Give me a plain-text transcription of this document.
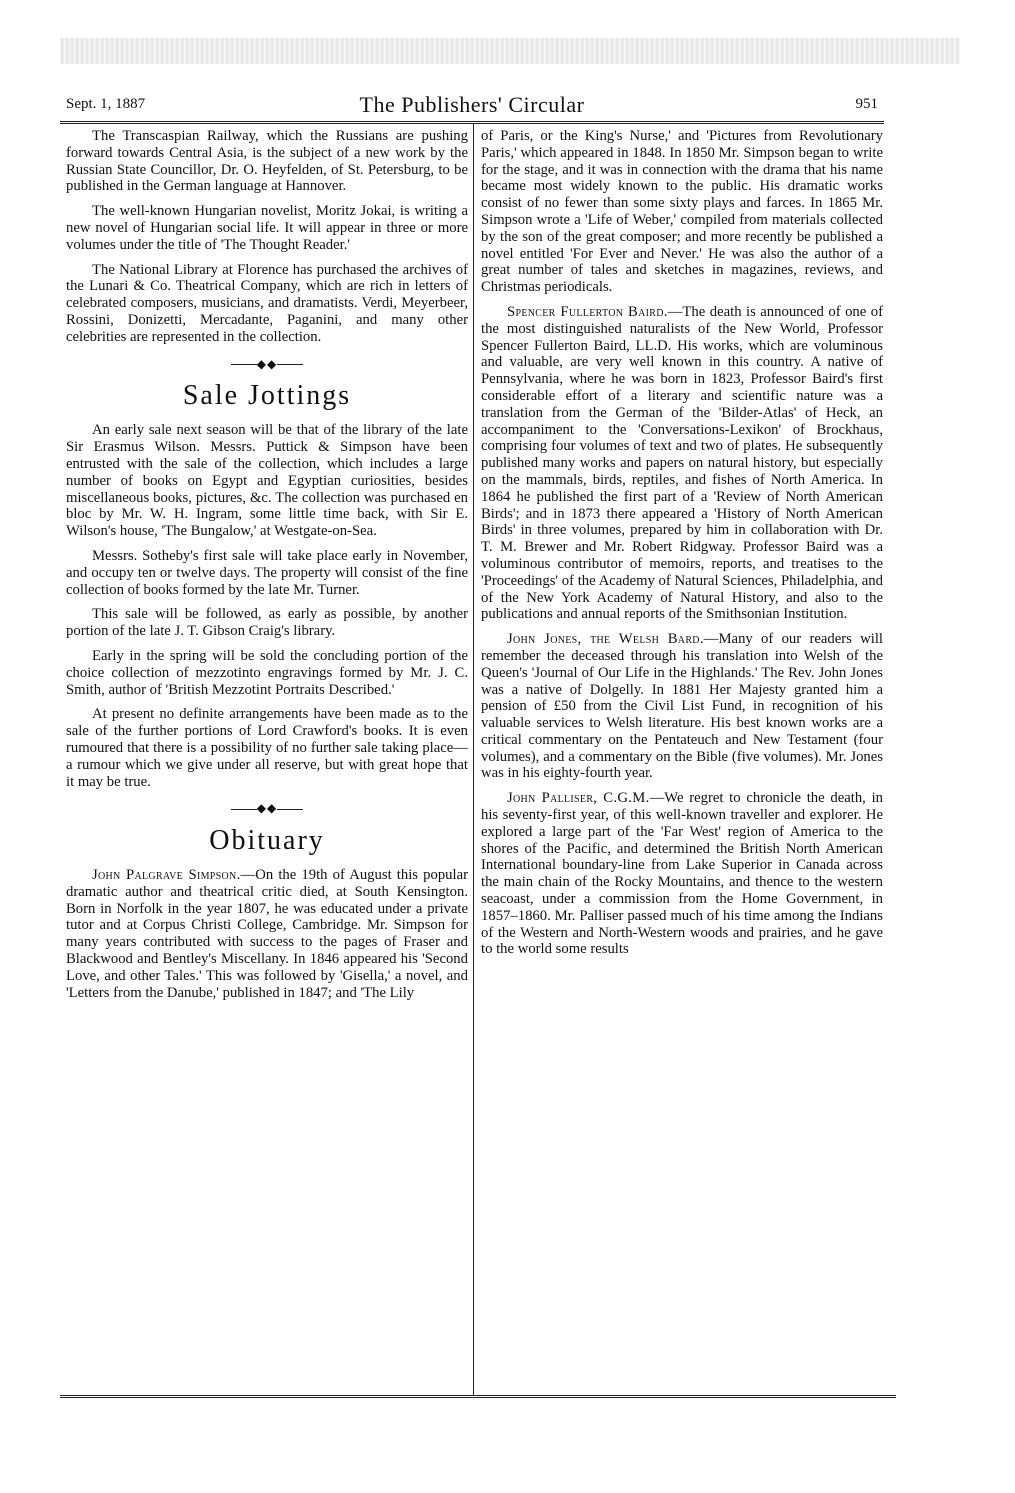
Sept. 1, 1887	The Publishers' Circular	951

The Transcaspian Railway, which the Russians are pushing forward towards Central Asia, is the subject of a new work by the Russian State Councillor, Dr. O. Heyfelden, of St. Petersburg, to be published in the German language at Hannover.

The well-known Hungarian novelist, Moritz Jokai, is writing a new novel of Hungarian social life. It will appear in three or more volumes under the title of 'The Thought Reader.'

The National Library at Florence has purchased the archives of the Lunari & Co. Theatrical Company, which are rich in letters of celebrated composers, musicians, and dramatists. Verdi, Meyerbeer, Rossini, Donizetti, Mercadante, Paganini, and many other celebrities are represented in the collection.

◆◆
Sale Jottings

An early sale next season will be that of the library of the late Sir Erasmus Wilson. Messrs. Puttick & Simpson have been entrusted with the sale of the collection, which includes a large number of books on Egypt and Egyptian curiosities, besides miscellaneous books, pictures, &c. The collection was purchased en bloc by Mr. W. H. Ingram, some little time back, with Sir E. Wilson's house, 'The Bungalow,' at Westgate-on-Sea.

Messrs. Sotheby's first sale will take place early in November, and occupy ten or twelve days. The property will consist of the fine collection of books formed by the late Mr. Turner.

This sale will be followed, as early as possible, by another portion of the late J. T. Gibson Craig's library.

Early in the spring will be sold the concluding portion of the choice collection of mezzotinto engravings formed by Mr. J. C. Smith, author of 'British Mezzotint Portraits Described.'

At present no definite arrangements have been made as to the sale of the further portions of Lord Crawford's books. It is even rumoured that there is a possibility of no further sale taking place—a rumour which we give under all reserve, but with great hope that it may be true.

◆◆
Obituary

John Palgrave Simpson.—On the 19th of August this popular dramatic author and theatrical critic died, at South Kensington. Born in Norfolk in the year 1807, he was educated under a private tutor and at Corpus Christi College, Cambridge. Mr. Simpson for many years contributed with success to the pages of Fraser and Blackwood and Bentley's Miscellany. In 1846 appeared his 'Second Love, and other Tales.' This was followed by 'Gisella,' a novel, and 'Letters from the Danube,' published in 1847; and 'The Lily

of Paris, or the King's Nurse,' and 'Pictures from Revolutionary Paris,' which appeared in 1848. In 1850 Mr. Simpson began to write for the stage, and it was in connection with the drama that his name became most widely known to the public. His dramatic works consist of no fewer than some sixty plays and farces. In 1865 Mr. Simpson wrote a 'Life of Weber,' compiled from materials collected by the son of the great composer; and more recently be published a novel entitled 'For Ever and Never.' He was also the author of a great number of tales and sketches in magazines, reviews, and Christmas periodicals.

Spencer Fullerton Baird.—The death is announced of one of the most distinguished naturalists of the New World, Professor Spencer Fullerton Baird, LL.D. His works, which are voluminous and valuable, are very well known in this country. A native of Pennsylvania, where he was born in 1823, Professor Baird's first considerable effort of a literary and scientific nature was a translation from the German of the 'Bilder-Atlas' of Heck, an accompaniment to the 'Conversations-Lexikon' of Brockhaus, comprising four volumes of text and two of plates. He subsequently published many works and papers on natural history, but especially on the mammals, birds, reptiles, and fishes of North America. In 1864 he published the first part of a 'Review of North American Birds'; and in 1873 there appeared a 'History of North American Birds' in three volumes, prepared by him in collaboration with Dr. T. M. Brewer and Mr. Robert Ridgway. Professor Baird was a voluminous contributor of memoirs, reports, and treatises to the 'Proceedings' of the Academy of Natural Sciences, Philadelphia, and of the New York Academy of Natural History, and also to the publications and annual reports of the Smithsonian Institution.

John Jones, the Welsh Bard.—Many of our readers will remember the deceased through his translation into Welsh of the Queen's 'Journal of Our Life in the Highlands.' The Rev. John Jones was a native of Dolgelly. In 1881 Her Majesty granted him a pension of £50 from the Civil List Fund, in recognition of his valuable services to Welsh literature. His best known works are a critical commentary on the Pentateuch and New Testament (four volumes), and a commentary on the Bible (five volumes). Mr. Jones was in his eighty-fourth year.

John Palliser, C.G.M.—We regret to chronicle the death, in his seventy-first year, of this well-known traveller and explorer. He explored a large part of the 'Far West' region of America to the shores of the Pacific, and determined the British North American International boundary-line from Lake Superior in Canada across the main chain of the Rocky Mountains, and thence to the western seacoast, under a commission from the Home Government, in 1857–1860. Mr. Palliser passed much of his time among the Indians of the Western and North-Western woods and prairies, and he gave to the world some results
